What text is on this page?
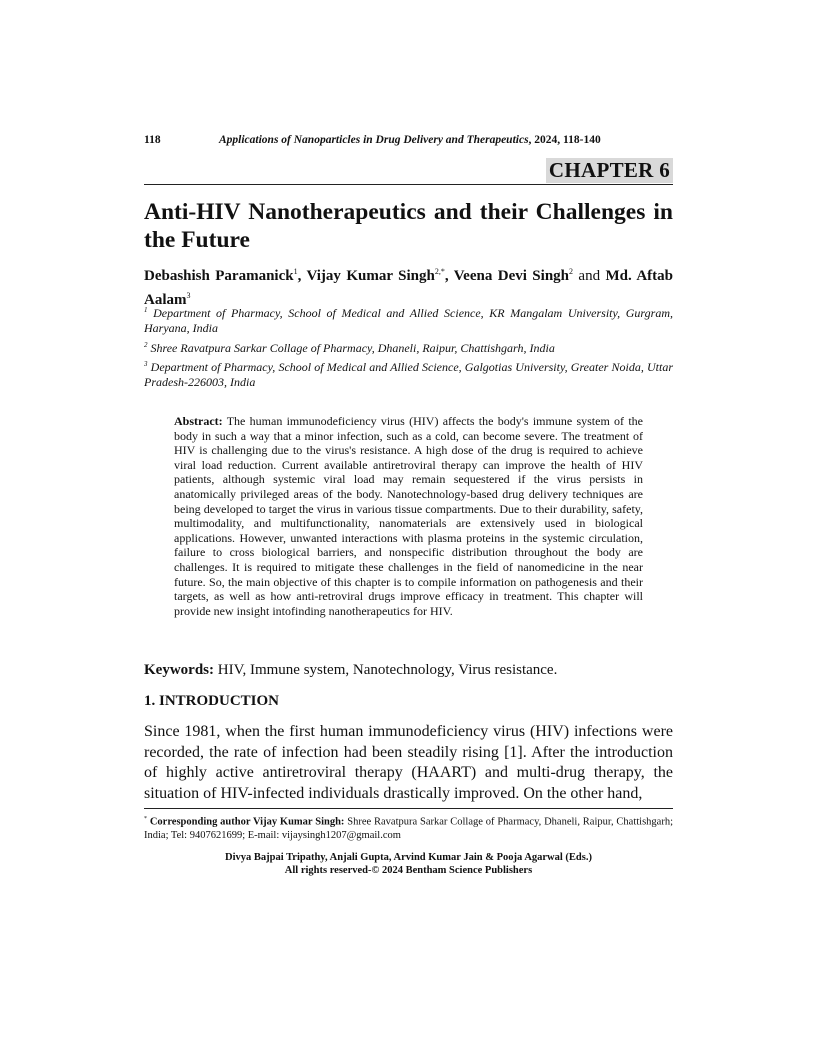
118	Applications of Nanoparticles in Drug Delivery and Therapeutics, 2024, 118-140
CHAPTER 6
Anti-HIV Nanotherapeutics and their Challenges in the Future
Debashish Paramanick$^1$, Vijay Kumar Singh$^{2,*}$, Veena Devi Singh$^2$ and Md. Aftab Aalam$^3$
$^1$ Department of Pharmacy, School of Medical and Allied Science, KR Mangalam University, Gurgram, Haryana, India
$^2$ Shree Ravatpura Sarkar Collage of Pharmacy, Dhaneli, Raipur, Chattishgarh, India
$^3$ Department of Pharmacy, School of Medical and Allied Science, Galgotias University, Greater Noida, Uttar Pradesh-226003, India
Abstract: The human immunodeficiency virus (HIV) affects the body's immune system of the body in such a way that a minor infection, such as a cold, can become severe. The treatment of HIV is challenging due to the virus's resistance. A high dose of the drug is required to achieve viral load reduction. Current available antiretroviral therapy can improve the health of HIV patients, although systemic viral load may remain sequestered if the virus persists in anatomically privileged areas of the body. Nanotechnology-based drug delivery techniques are being developed to target the virus in various tissue compartments. Due to their durability, safety, multimodality, and multifunctionality, nanomaterials are extensively used in biological applications. However, unwanted interactions with plasma proteins in the systemic circulation, failure to cross biological barriers, and nonspecific distribution throughout the body are challenges. It is required to mitigate these challenges in the field of nanomedicine in the near future. So, the main objective of this chapter is to compile information on pathogenesis and their targets, as well as how anti-retroviral drugs improve efficacy in treatment. This chapter will provide new insight intofinding nanotherapeutics for HIV.
Keywords: HIV, Immune system, Nanotechnology, Virus resistance.
1. INTRODUCTION
Since 1981, when the first human immunodeficiency virus (HIV) infections were recorded, the rate of infection had been steadily rising [1]. After the introduction of highly active antiretroviral therapy (HAART) and multi-drug therapy, the situation of HIV-infected individuals drastically improved. On the other hand,
* Corresponding author Vijay Kumar Singh: Shree Ravatpura Sarkar Collage of Pharmacy, Dhaneli, Raipur, Chattishgarh; India; Tel: 9407621699; E-mail: vijaysingh1207@gmail.com
Divya Bajpai Tripathy, Anjali Gupta, Arvind Kumar Jain & Pooja Agarwal (Eds.)
All rights reserved-© 2024 Bentham Science Publishers
